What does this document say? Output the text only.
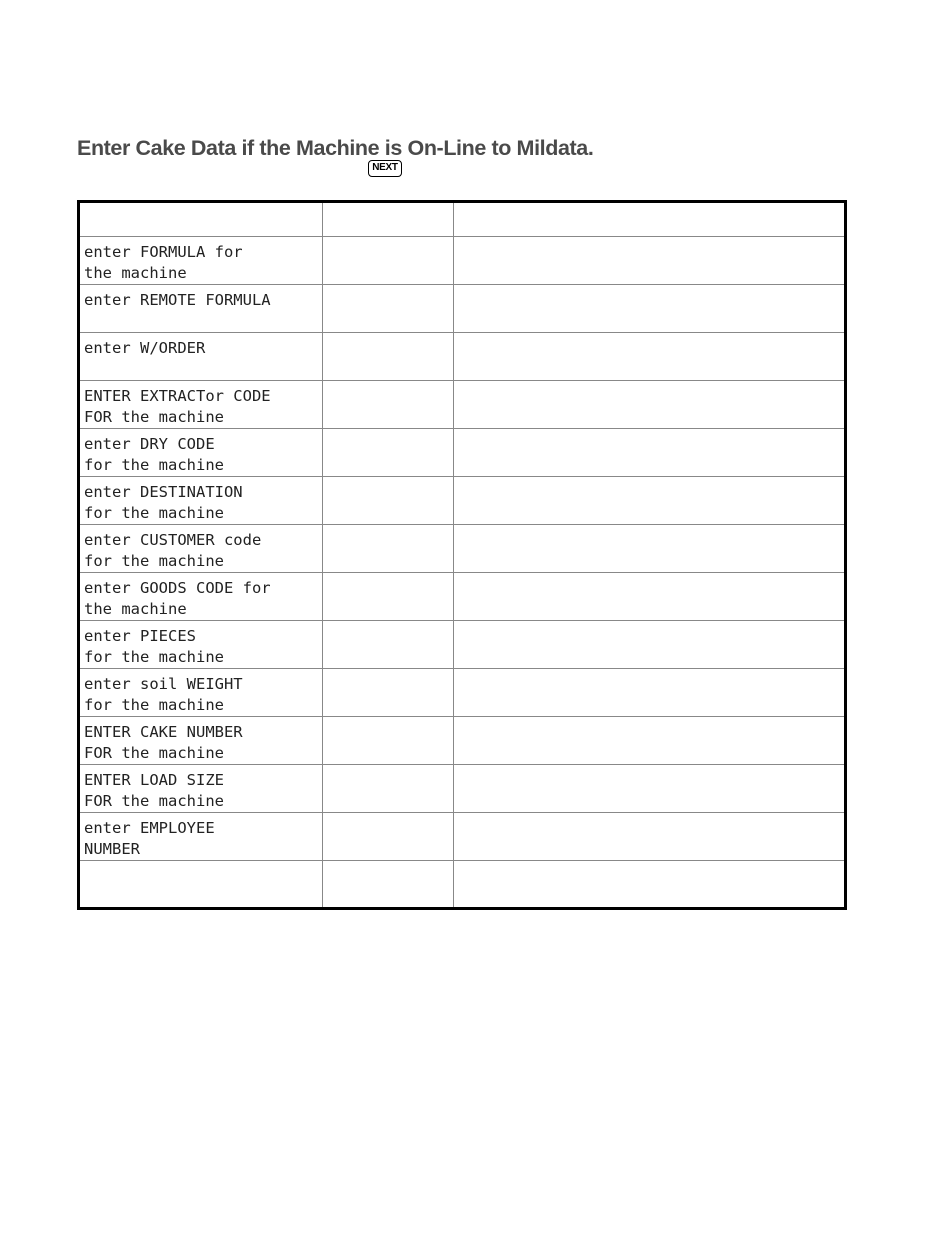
Enter Cake Data if the Machine is On-Line to Mildata.
NEXT

enter FORMULA for
the machine		
enter REMOTE FORMULA		
enter W/ORDER		
ENTER EXTRACTor CODE
FOR the machine		
enter DRY CODE
for the machine		
enter DESTINATION
for the machine		
enter CUSTOMER code
for the machine		
enter GOODS CODE for
the machine		
enter PIECES
for the machine		
enter soil WEIGHT
for the machine		
ENTER CAKE NUMBER
FOR the machine		
ENTER LOAD SIZE
FOR the machine		
enter EMPLOYEE
NUMBER		
